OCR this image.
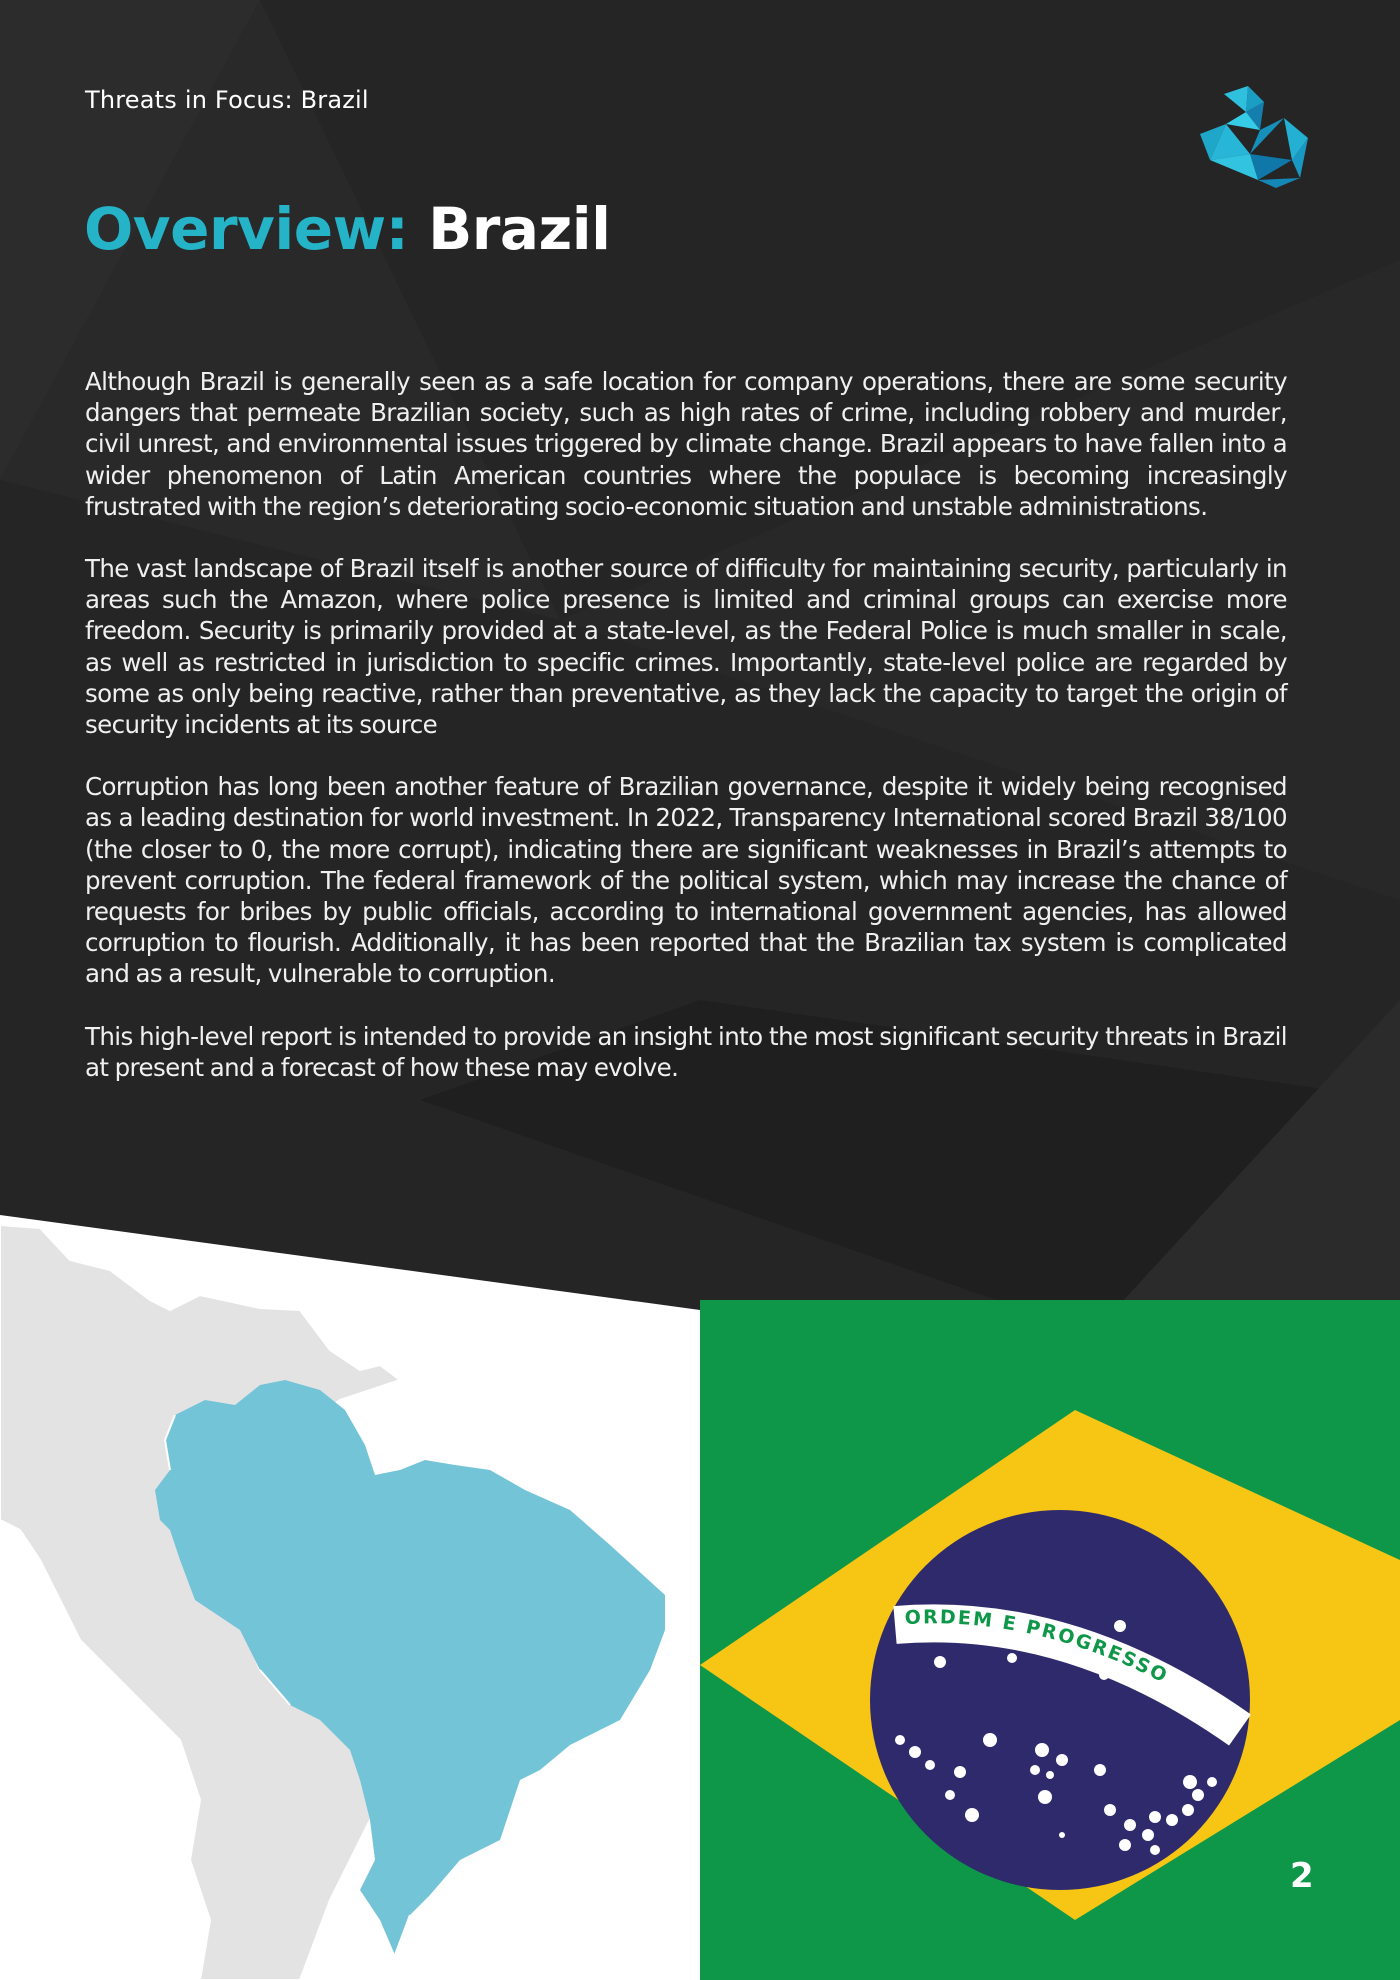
Threats in Focus: Brazil
Overview: Brazil

Although Brazil is generally seen as a safe location for company operations, there are some security dangers that permeate Brazilian society, such as high rates of crime, including robbery and murder, civil unrest, and environmental issues triggered by climate change. Brazil appears to have fallen into a wider phenomenon of Latin American countries where the populace is becoming increasingly frustrated with the region’s deteriorating socio-economic situation and unstable administrations.

The vast landscape of Brazil itself is another source of difficulty for maintaining security, particularly in areas such the Amazon, where police presence is limited and criminal groups can exercise more freedom. Security is primarily provided at a state-level, as the Federal Police is much smaller in scale, as well as restricted in jurisdiction to specific crimes. Importantly, state-level police are regarded by some as only being reactive, rather than preventative, as they lack the capacity to target the origin of security incidents at its source

Corruption has long been another feature of Brazilian governance, despite it widely being recognised as a leading destination for world investment. In 2022, Transparency International scored Brazil 38/100 (the closer to 0, the more corrupt), indicating there are significant weaknesses in Brazil’s attempts to prevent corruption. The federal framework of the political system, which may increase the chance of requests for bribes by public officials, according to international government agencies, has allowed corruption to flourish. Additionally, it has been reported that the Brazilian tax system is complicated and as a result, vulnerable to corruption.

This high-level report is intended to provide an insight into the most significant security threats in Brazil at present and a forecast of how these may evolve.

ORDEM E PROGRESSO
2
